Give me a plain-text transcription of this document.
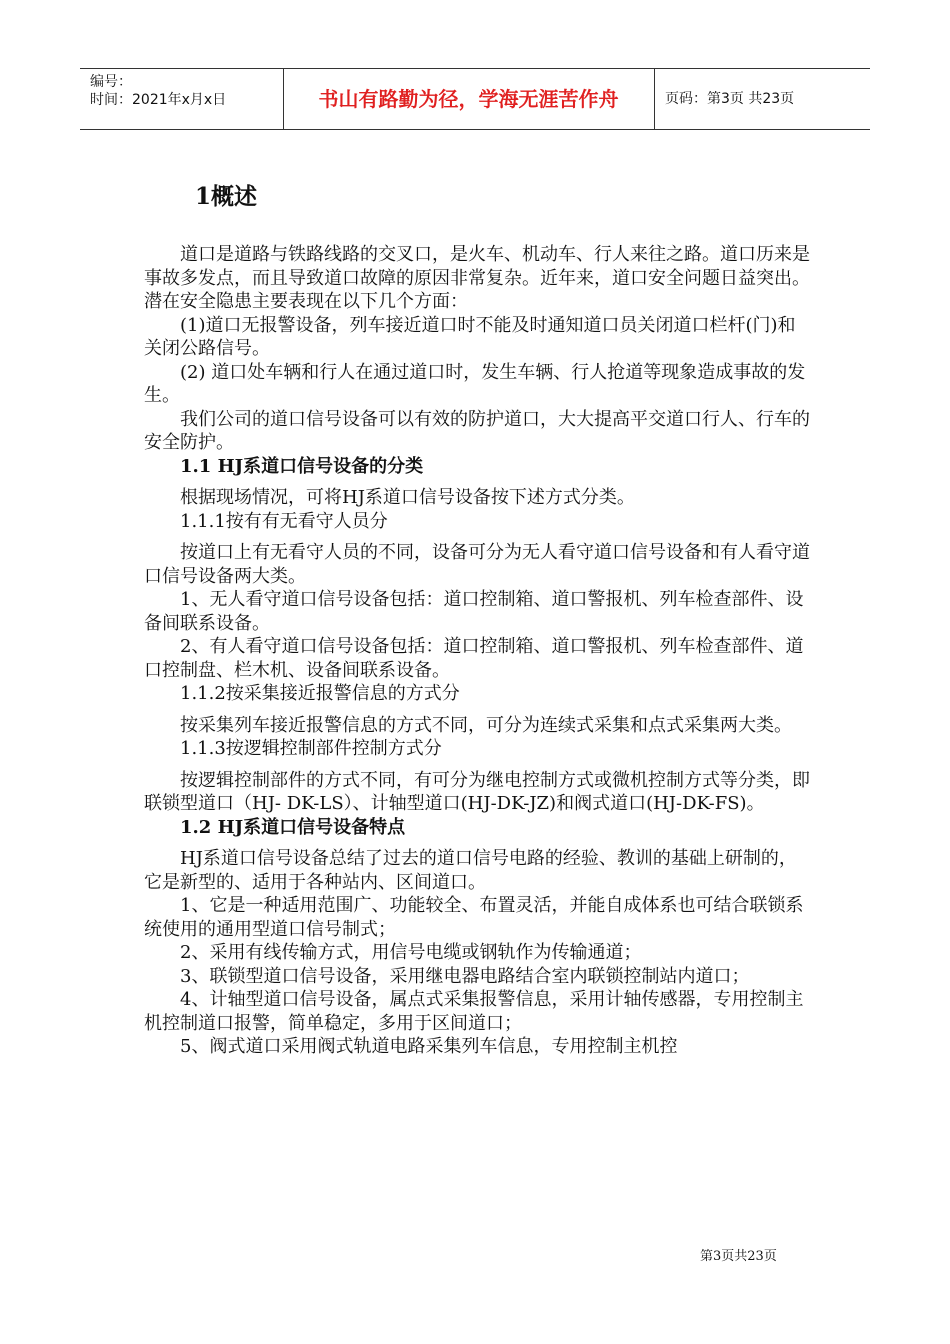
编号：
时间：2021年x月x日	书山有路勤为径，学海无涯苦作舟	页码：第3页 共23页
1概述

道口是道路与铁路线路的交叉口，是火车、机动车、行人来往之路。道口历来是事故多发点，而且导致道口故障的原因非常复杂。近年来，道口安全问题日益突出。潜在安全隐患主要表现在以下几个方面：

(1)道口无报警设备，列车接近道口时不能及时通知道口员关闭道口栏杆(门)和关闭公路信号。

(2) 道口处车辆和行人在通过道口时，发生车辆、行人抢道等现象造成事故的发生。

我们公司的道口信号设备可以有效的防护道口，大大提高平交道口行人、行车的安全防护。

1.1 HJ系道口信号设备的分类

根据现场情况，可将HJ系道口信号设备按下述方式分类。

1.1.1按有有无看守人员分

按道口上有无看守人员的不同，设备可分为无人看守道口信号设备和有人看守道口信号设备两大类。

1、无人看守道口信号设备包括：道口控制箱、道口警报机、列车检查部件、设备间联系设备。

2、有人看守道口信号设备包括：道口控制箱、道口警报机、列车检查部件、道口控制盘、栏木机、设备间联系设备。

1.1.2按采集接近报警信息的方式分

按采集列车接近报警信息的方式不同，可分为连续式采集和点式采集两大类。

1.1.3按逻辑控制部件控制方式分

按逻辑控制部件的方式不同，有可分为继电控制方式或微机控制方式等分类，即联锁型道口（HJ- DK-LS）、计轴型道口(HJ-DK-JZ)和阀式道口(HJ-DK-FS)。

1.2 HJ系道口信号设备特点

HJ系道口信号设备总结了过去的道口信号电路的经验、教训的基础上研制的，它是新型的、适用于各种站内、区间道口。

1、它是一种适用范围广、功能较全、布置灵活，并能自成体系也可结合联锁系统使用的通用型道口信号制式；

2、采用有线传输方式，用信号电缆或钢轨作为传输通道；

3、联锁型道口信号设备，采用继电器电路结合室内联锁控制站内道口；

4、计轴型道口信号设备，属点式采集报警信息，采用计轴传感器，专用控制主机控制道口报警，简单稳定，多用于区间道口；

5、阀式道口采用阀式轨道电路采集列车信息，专用控制主机控

第3页共23页
